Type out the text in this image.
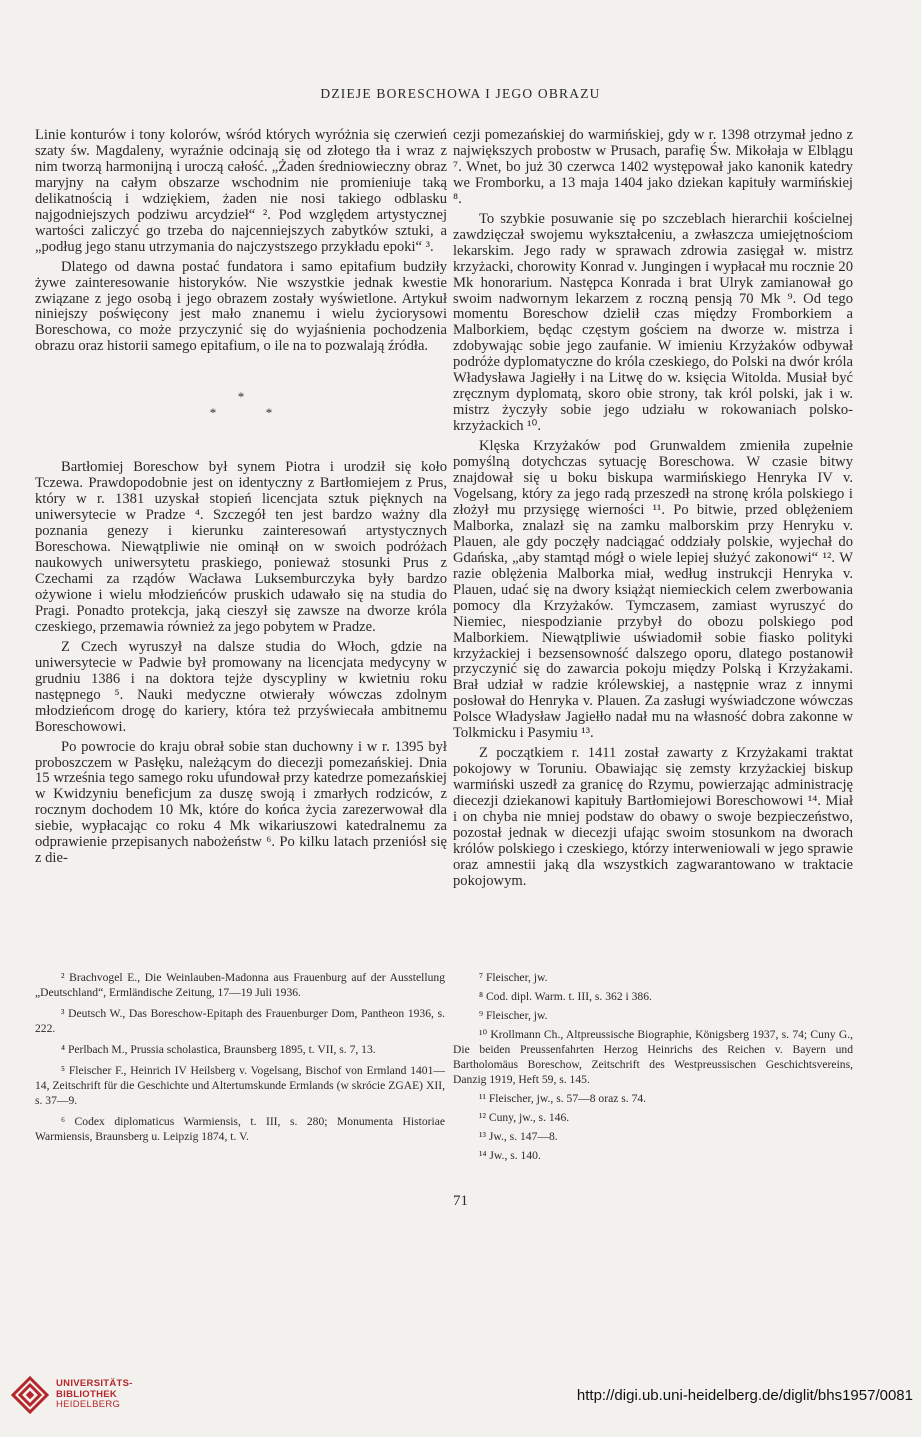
DZIEJE BORESCHOWA I JEGO OBRAZU

Linie konturów i tony kolorów, wśród których wyróżnia się czerwień szaty św. Magdaleny, wyraźnie odcinają się od złotego tła i wraz z nim tworzą harmonijną i uroczą całość. „Żaden średniowieczny obraz maryjny na całym obszarze wschodnim nie promieniuje taką delikatnością i wdziękiem, żaden nie nosi takiego odblasku najgodniejszych podziwu arcydzieł“ ². Pod względem artystycznej wartości zaliczyć go trzeba do najcenniejszych zabytków sztuki, a „podług jego stanu utrzymania do najczystszego przykładu epoki“ ³.

Dlatego od dawna postać fundatora i samo epitafium budziły żywe zainteresowanie historyków. Nie wszystkie jednak kwestie związane z jego osobą i jego obrazem zostały wyświetlone. Artykuł niniejszy poświęcony jest mało znanemu i wielu życiorysowi Boreschowa, co może przyczynić się do wyjaśnienia pochodzenia obrazu oraz historii samego epitafium, o ile na to pozwalają źródła.

*
*	*

Bartłomiej Boreschow był synem Piotra i urodził się koło Tczewa. Prawdopodobnie jest on identyczny z Bartłomiejem z Prus, który w r. 1381 uzyskał stopień licencjata sztuk pięknych na uniwersytecie w Pradze ⁴. Szczegół ten jest bardzo ważny dla poznania genezy i kierunku zainteresowań artystycznych Boreschowa. Niewątpliwie nie ominął on w swoich podróżach naukowych uniwersytetu praskiego, ponieważ stosunki Prus z Czechami za rządów Wacława Luksemburczyka były bardzo ożywione i wielu młodzieńców pruskich udawało się na studia do Pragi. Ponadto protekcja, jaką cieszył się zawsze na dworze króla czeskiego, przemawia również za jego pobytem w Pradze.

Z Czech wyruszył na dalsze studia do Włoch, gdzie na uniwersytecie w Padwie był promowany na licencjata medycyny w grudniu 1386 i na doktora tejże dyscypliny w kwietniu roku następnego ⁵. Nauki medyczne otwierały wówczas zdolnym młodzieńcom drogę do kariery, która też przyświecała ambitnemu Boreschowowi.

Po powrocie do kraju obrał sobie stan duchowny i w r. 1395 był proboszczem w Pasłęku, należącym do diecezji pomezańskiej. Dnia 15 września tego samego roku ufundował przy katedrze pomezańskiej w Kwidzyniu beneficjum za duszę swoją i zmarłych rodziców, z rocznym dochodem 10 Mk, które do końca życia zarezerwował dla siebie, wypłacając co roku 4 Mk wikariuszowi katedralnemu za odprawienie przepisanych nabożeństw ⁶. Po kilku latach przeniósł się z die-

cezji pomezańskiej do warmińskiej, gdy w r. 1398 otrzymał jedno z największych probostw w Prusach, parafię Św. Mikołaja w Elblągu ⁷. Wnet, bo już 30 czerwca 1402 występował jako kanonik katedry we Fromborku, a 13 maja 1404 jako dziekan kapituły warmińskiej ⁸.

To szybkie posuwanie się po szczeblach hierarchii kościelnej zawdzięczał swojemu wykształceniu, a zwłaszcza umiejętnościom lekarskim. Jego rady w sprawach zdrowia zasięgał w. mistrz krzyżacki, chorowity Konrad v. Jungingen i wypłacał mu rocznie 20 Mk honorarium. Następca Konrada i brat Ulryk zamianował go swoim nadwornym lekarzem z roczną pensją 70 Mk ⁹. Od tego momentu Boreschow dzielił czas między Fromborkiem a Malborkiem, będąc częstym gościem na dworze w. mistrza i zdobywając sobie jego zaufanie. W imieniu Krzyżaków odbywał podróże dyplomatyczne do króla czeskiego, do Polski na dwór króla Władysława Jagiełły i na Litwę do w. księcia Witolda. Musiał być zręcznym dyplomatą, skoro obie strony, tak król polski, jak i w. mistrz życzyły sobie jego udziału w rokowaniach polsko-krzyżackich ¹⁰.

Klęska Krzyżaków pod Grunwaldem zmieniła zupełnie pomyślną dotychczas sytuację Boreschowa. W czasie bitwy znajdował się u boku biskupa warmińskiego Henryka IV v. Vogelsang, który za jego radą przeszedł na stronę króla polskiego i złożył mu przysięgę wierności ¹¹. Po bitwie, przed oblężeniem Malborka, znalazł się na zamku malborskim przy Henryku v. Plauen, ale gdy poczęły nadciągać oddziały polskie, wyjechał do Gdańska, „aby stamtąd mógł o wiele lepiej służyć zakonowi“ ¹². W razie oblężenia Malborka miał, według instrukcji Henryka v. Plauen, udać się na dwory książąt niemieckich celem zwerbowania pomocy dla Krzyżaków. Tymczasem, zamiast wyruszyć do Niemiec, niespodzianie przybył do obozu polskiego pod Malborkiem. Niewątpliwie uświadomił sobie fiasko polityki krzyżackiej i bezsensowność dalszego oporu, dlatego postanowił przyczynić się do zawarcia pokoju między Polską i Krzyżakami. Brał udział w radzie królewskiej, a następnie wraz z innymi posłował do Henryka v. Plauen. Za zasługi wyświadczone wówczas Polsce Władysław Jagiełło nadał mu na własność dobra zakonne w Tolkmicku i Pasymiu ¹³.

Z początkiem r. 1411 został zawarty z Krzyżakami traktat pokojowy w Toruniu. Obawiając się zemsty krzyżackiej biskup warmiński uszedł za granicę do Rzymu, powierzając administrację diecezji dziekanowi kapituły Bartłomiejowi Boreschowowi ¹⁴. Miał i on chyba nie mniej podstaw do obawy o swoje bezpieczeństwo, pozostał jednak w diecezji ufając swoim stosunkom na dworach królów polskiego i czeskiego, którzy interweniowali w jego sprawie oraz amnestii jaką dla wszystkich zagwarantowano w traktacie pokojowym.

² Brachvogel E., Die Weinlauben-Madonna aus Frauenburg auf der Ausstellung „Deutschland“, Ermländische Zeitung, 17—19 Juli 1936.

³ Deutsch W., Das Boreschow-Epitaph des Frauenburger Dom, Pantheon 1936, s. 222.

⁴ Perlbach M., Prussia scholastica, Braunsberg 1895, t. VII, s. 7, 13.

⁵ Fleischer F., Heinrich IV Heilsberg v. Vogelsang, Bischof von Ermland 1401—14, Zeitschrift für die Geschichte und Altertumskunde Ermlands (w skrócie ZGAE) XII, s. 37—9.

⁶ Codex diplomaticus Warmiensis, t. III, s. 280; Monumenta Historiae Warmiensis, Braunsberg u. Leipzig 1874, t. V.

⁷ Fleischer, jw.

⁸ Cod. dipl. Warm. t. III, s. 362 i 386.

⁹ Fleischer, jw.

¹⁰ Krollmann Ch., Altpreussische Biographie, Königsberg 1937, s. 74; Cuny G., Die beiden Preussenfahrten Herzog Heinrichs des Reichen v. Bayern und Bartholomäus Boreschow, Zeitschrift des Westpreussischen Geschichtsvereins, Danzig 1919, Heft 59, s. 145.

¹¹ Fleischer, jw., s. 57—8 oraz s. 74.

¹² Cuny, jw., s. 146.

¹³ Jw., s. 147—8.

¹⁴ Jw., s. 140.

71
UNIVERSITÄTS-
BIBLIOTHEK
HEIDELBERG
http://digi.ub.uni-heidelberg.de/diglit/bhs1957/0081
